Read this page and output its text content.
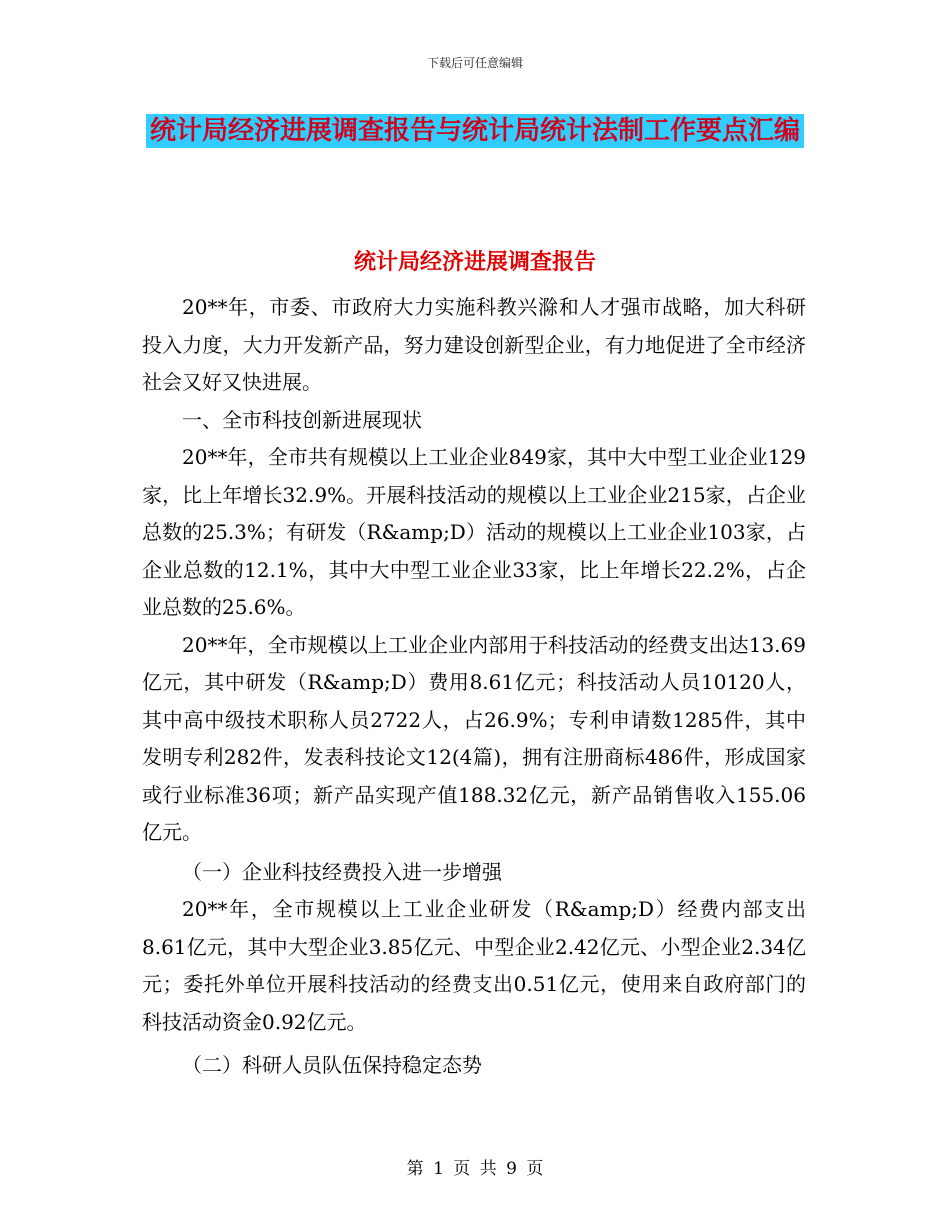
下载后可任意编辑
统计局经济进展调查报告与统计局统计法制工作要点汇编
统计局经济进展调查报告

20**年，市委、市政府大力实施科教兴滁和人才强市战略，加大科研投入力度，大力开发新产品，努力建设创新型企业，有力地促进了全市经济社会又好又快进展。

一、全市科技创新进展现状

20**年，全市共有规模以上工业企业849家，其中大中型工业企业129家，比上年增长32.9%。开展科技活动的规模以上工业企业215家，占企业总数的25.3%；有研发（R&amp;D）活动的规模以上工业企业103家，占企业总数的12.1%，其中大中型工业企业33家，比上年增长22.2%，占企业总数的25.6%。

20**年，全市规模以上工业企业内部用于科技活动的经费支出达13.69亿元，其中研发（R&amp;D）费用8.61亿元；科技活动人员10120人，其中高中级技术职称人员2722人，占26.9%；专利申请数1285件，其中发明专利282件，发表科技论文12(4篇)，拥有注册商标486件，形成国家或行业标准36项；新产品实现产值188.32亿元，新产品销售收入155.06亿元。

（一）企业科技经费投入进一步增强

20**年，全市规模以上工业企业研发（R&amp;D）经费内部支出8.61亿元，其中大型企业3.85亿元、中型企业2.42亿元、小型企业2.34亿元；委托外单位开展科技活动的经费支出0.51亿元，使用来自政府部门的科技活动资金0.92亿元。

（二）科研人员队伍保持稳定态势

第 1 页 共 9 页
